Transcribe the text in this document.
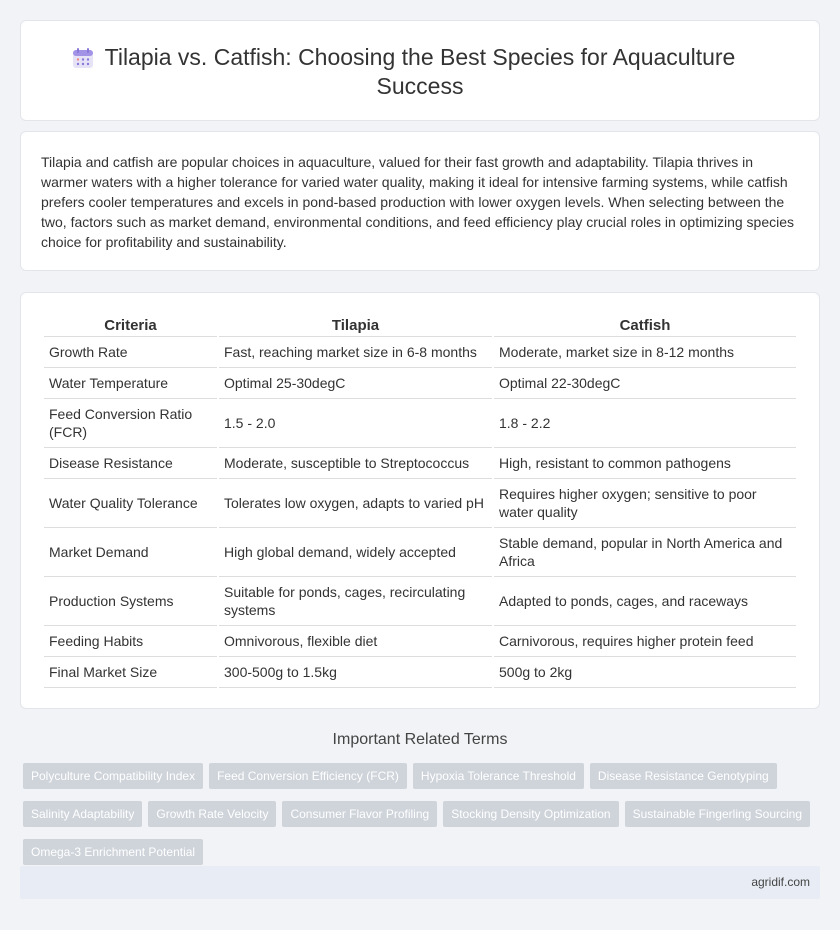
Tilapia vs. Catfish: Choosing the Best Species for Aquaculture Success

Tilapia and catfish are popular choices in aquaculture, valued for their fast growth and adaptability. Tilapia thrives in warmer waters with a higher tolerance for varied water quality, making it ideal for intensive farming systems, while catfish prefers cooler temperatures and excels in pond-based production with lower oxygen levels. When selecting between the two, factors such as market demand, environmental conditions, and feed efficiency play crucial roles in optimizing species choice for profitability and sustainability.

Criteria	Tilapia	Catfish
Growth Rate	Fast, reaching market size in 6-8 months	Moderate, market size in 8-12 months
Water Temperature	Optimal 25-30degC	Optimal 22-30degC
Feed Conversion Ratio (FCR)	1.5 - 2.0	1.8 - 2.2
Disease Resistance	Moderate, susceptible to Streptococcus	High, resistant to common pathogens
Water Quality Tolerance	Tolerates low oxygen, adapts to varied pH	Requires higher oxygen; sensitive to poor water quality
Market Demand	High global demand, widely accepted	Stable demand, popular in North America and Africa
Production Systems	Suitable for ponds, cages, recirculating systems	Adapted to ponds, cages, and raceways
Feeding Habits	Omnivorous, flexible diet	Carnivorous, requires higher protein feed
Final Market Size	300-500g to 1.5kg	500g to 2kg
Important Related Terms
Polyculture Compatibility Index	Feed Conversion Efficiency (FCR)	Hypoxia Tolerance Threshold	Disease Resistance Genotyping
Salinity Adaptability	Growth Rate Velocity	Consumer Flavor Profiling	Stocking Density Optimization	Sustainable Fingerling Sourcing
Omega-3 Enrichment Potential
agridif.com
